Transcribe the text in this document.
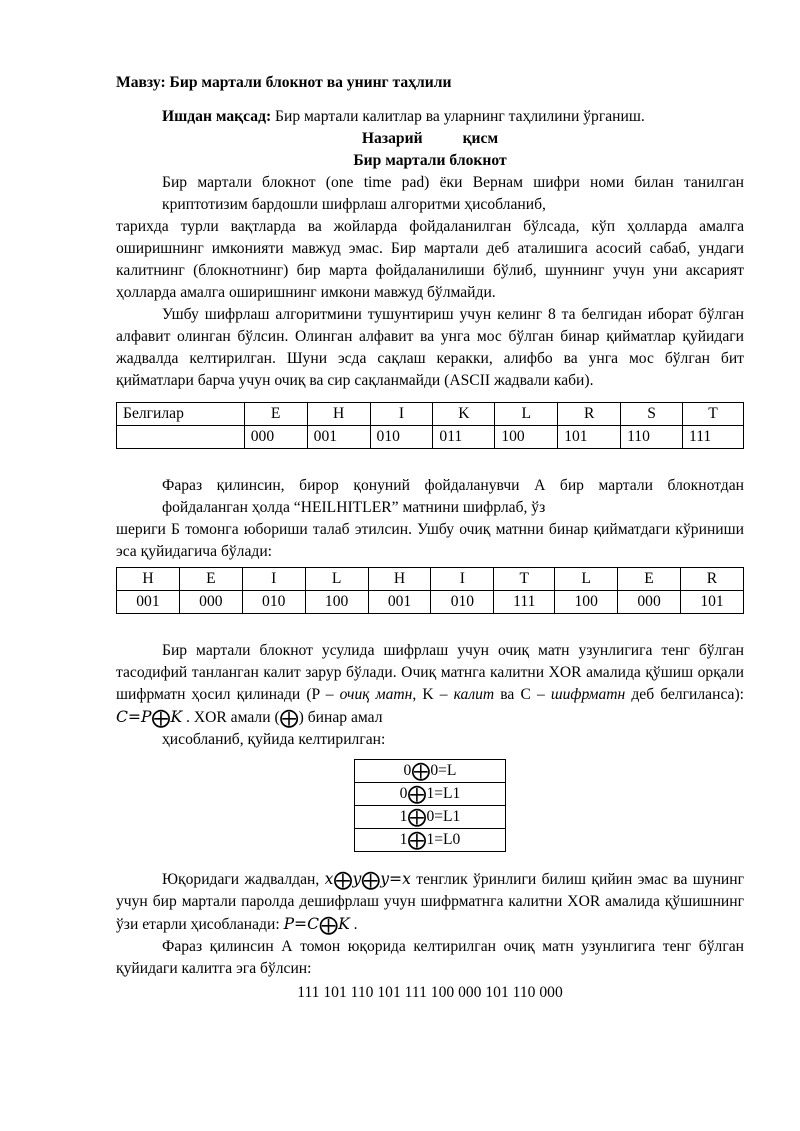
Мавзу: Бир мартали блокнот ва унинг таҳлили

Ишдан мақсад: Бир мартали калитлар ва уларнинг таҳлилини ўрганиш.

Назарий	қисм

Бир мартали блокнот

Бир мартали блокнот (one time pad) ёки Вернам шифри номи билан танилган криптотизим бардошли шифрлаш алгоритми ҳисобланиб,

тарихда турли вақтларда ва жойларда фойдаланилган бўлсада, кўп ҳолларда амалга оширишнинг имконияти мавжуд эмас. Бир мартали деб аталишига асосий сабаб, ундаги калитнинг (блокнотнинг) бир марта фойдаланилиши бўлиб, шуннинг учун уни аксарият ҳолларда амалга оширишнинг имкони мавжуд бўлмайди.

Ушбу шифрлаш алгоритмини тушунтириш учун келинг 8 та белгидан иборат бўлган алфавит олинган бўлсин. Олинган алфавит ва унга мос бўлган бинар қийматлар қуйидаги жадвалда келтирилган. Шуни эсда сақлаш керакки, алифбо ва унга мос бўлган бит қийматлари барча учун очиқ ва сир сақланмайди (ASCII жадвали каби).

Белгилар	E	H	I	K	L	R	S	T
	000	001	010	011	100	101	110	111

Фараз қилинсин, бирор қонуний фойдаланувчи А бир мартали блокнотдан фойдаланган ҳолда “HEILHITLER” матнини шифрлаб, ўз

шериги Б томонга юбориши талаб этилсин. Ушбу очиқ матнни бинар қийматдаги кўриниши эса қуйидагича бўлади:

H	E	I	L	H	I	T	L	E	R
001	000	010	100	001	010	111	100	000	101

Бир мартали блокнот усулида шифрлаш учун очиқ матн узунлигига тенг бўлган тасодифий танланган калит зарур бўлади. Очиқ матнга калитни XOR амалида қўшиш орқали шифрматн ҳосил қилинади (P – очиқ матн, K – калит ва С – шифрматн деб белгиланса): C=P⨁K . XOR амали (⨁) бинар амал

ҳисобланиб, қуйида келтирилган:

0⨁0=L
0⨁1=L1
1⨁0=L1
1⨁1=L0

Юқоридаги жадвалдан, x⨁y⨁y=x тенглик ўринлиги билиш қийин эмас ва шунинг учун бир мартали паролда дешифрлаш учун шифрматнга калитни XOR амалида қўшишнинг ўзи етарли ҳисобланади: P=C⨁K .

Фараз қилинсин А томон юқорида келтирилган очиқ матн узунлигига тенг бўлган қуйидаги калитга эга бўлсин:

111 101 110 101 111 100 000 101 110 000
